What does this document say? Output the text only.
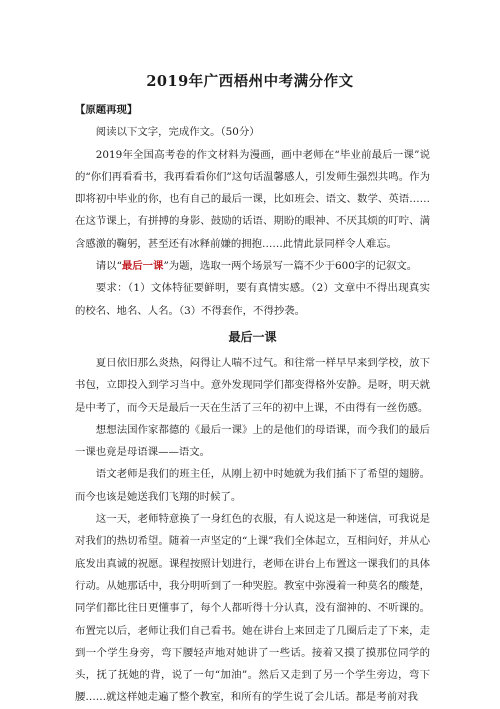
2019年广西梧州中考满分作文
【原题再现】

阅读以下文字，完成作文。（50分）

2019年全国高考卷的作文材料为漫画，画中老师在“毕业前最后一课”说的“你们再看看书，我再看看你们”这句话温馨感人，引发师生强烈共鸣。作为即将初中毕业的你，也有自己的最后一课，比如班会、语文、数学、英语……在这节课上，有拼搏的身影、鼓励的话语、期盼的眼神、不厌其烦的叮咛、满含感激的鞠躬，甚至还有冰释前嫌的拥抱……此情此景同样令人难忘。

请以“最后一课”为题，选取一两个场景写一篇不少于600字的记叙文。

要求：（1）文体特征要鲜明，要有真情实感。（2）文章中不得出现真实的校名、地名、人名。（3）不得套作，不得抄袭。

最后一课

夏日依旧那么炎热，闷得让人喘不过气。和往常一样早早来到学校，放下书包，立即投入到学习当中。意外发现同学们都变得格外安静。是呀，明天就是中考了，而今天是最后一天在生活了三年的初中上课，不由得有一丝伤感。

想想法国作家都德的《最后一课》上的是他们的母语课，而今我们的最后一课也竟是母语课——语文。

语文老师是我们的班主任，从刚上初中时她就为我们插下了希望的翅膀。而今也该是她送我们飞翔的时候了。

这一天，老师特意换了一身红色的衣服，有人说这是一种迷信，可我说是对我们的热切希望。随着一声坚定的“上课”我们全体起立，互相问好，并从心底发出真诚的祝愿。课程按照计划进行，老师在讲台上布置这一课我们的具体行动。从她那话中，我分明听到了一种哭腔。教室中弥漫着一种莫名的酸楚，同学们都比往日更懂事了，每个人都听得十分认真，没有溜神的、不听课的。布置完以后，老师让我们自己看书。她在讲台上来回走了几圈后走了下来，走到一个学生身旁，弯下腰轻声地对她讲了一些话。接着又摸了摸那位同学的头，抚了抚她的背，说了一句“加油”。然后又走到了另一个学生旁边，弯下腰……就这样她走遍了整个教室，和所有的学生说了会儿话。都是考前对我
